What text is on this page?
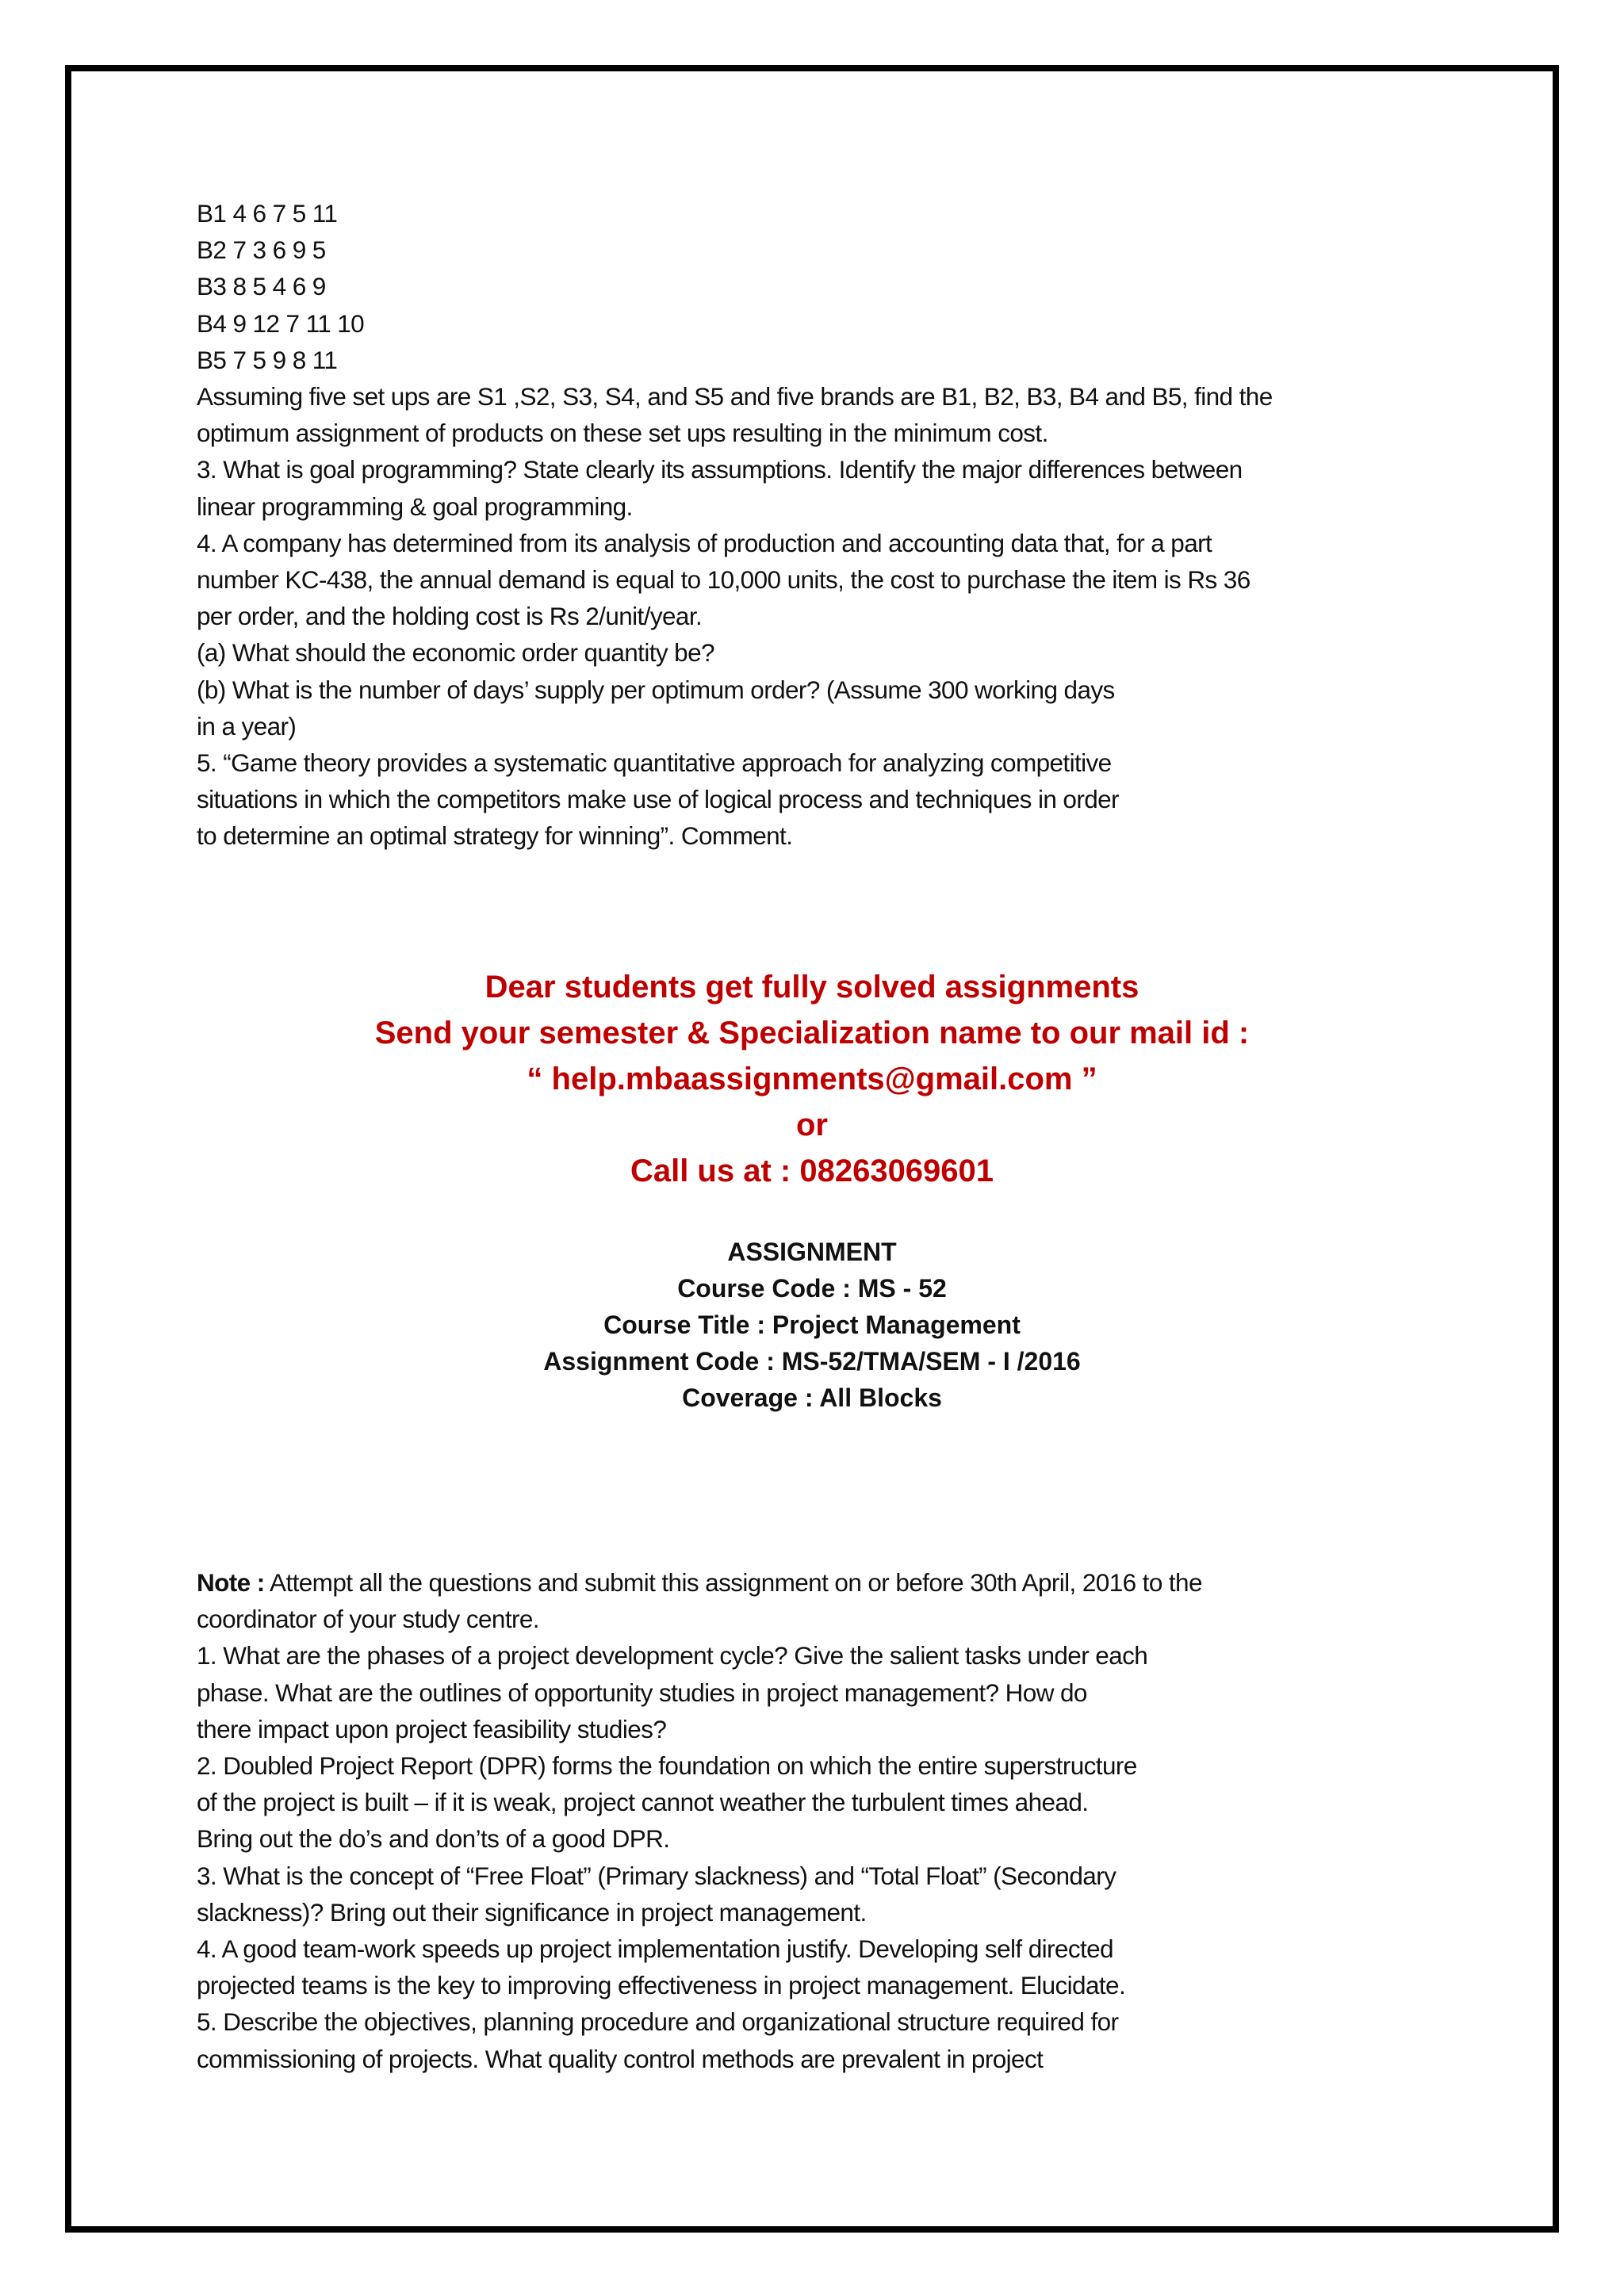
B1 4 6 7 5 11
B2 7 3 6 9 5
B3 8 5 4 6 9
B4 9 12 7 11 10
B5 7 5 9 8 11
Assuming five set ups are S1 ,S2, S3, S4, and S5 and five brands are B1, B2, B3, B4 and B5, find the
optimum assignment of products on these set ups resulting in the minimum cost.
3. What is goal programming? State clearly its assumptions. Identify the major differences between
linear programming & goal programming.
4. A company has determined from its analysis of production and accounting data that, for a part
number KC-438, the annual demand is equal to 10,000 units, the cost to purchase the item is Rs 36
per order, and the holding cost is Rs 2/unit/year.
(a) What should the economic order quantity be?
(b) What is the number of days’ supply per optimum order? (Assume 300 working days
in a year)
5. “Game theory provides a systematic quantitative approach for analyzing competitive
situations in which the competitors make use of logical process and techniques in order
to determine an optimal strategy for winning”. Comment.
Dear students get fully solved assignments
Send your semester & Specialization name to our mail id :
“ help.mbaassignments@gmail.com ”
or
Call us at : 08263069601
ASSIGNMENT
Course Code : MS - 52
Course Title : Project Management
Assignment Code : MS-52/TMA/SEM - I /2016
Coverage : All Blocks
Note : Attempt all the questions and submit this assignment on or before 30th April, 2016 to the
coordinator of your study centre.
1. What are the phases of a project development cycle? Give the salient tasks under each
phase. What are the outlines of opportunity studies in project management? How do
there impact upon project feasibility studies?
2. Doubled Project Report (DPR) forms the foundation on which the entire superstructure
of the project is built – if it is weak, project cannot weather the turbulent times ahead.
Bring out the do’s and don’ts of a good DPR.
3. What is the concept of “Free Float” (Primary slackness) and “Total Float” (Secondary
slackness)? Bring out their significance in project management.
4. A good team-work speeds up project implementation justify. Developing self directed
projected teams is the key to improving effectiveness in project management. Elucidate.
5. Describe the objectives, planning procedure and organizational structure required for
commissioning of projects. What quality control methods are prevalent in project
